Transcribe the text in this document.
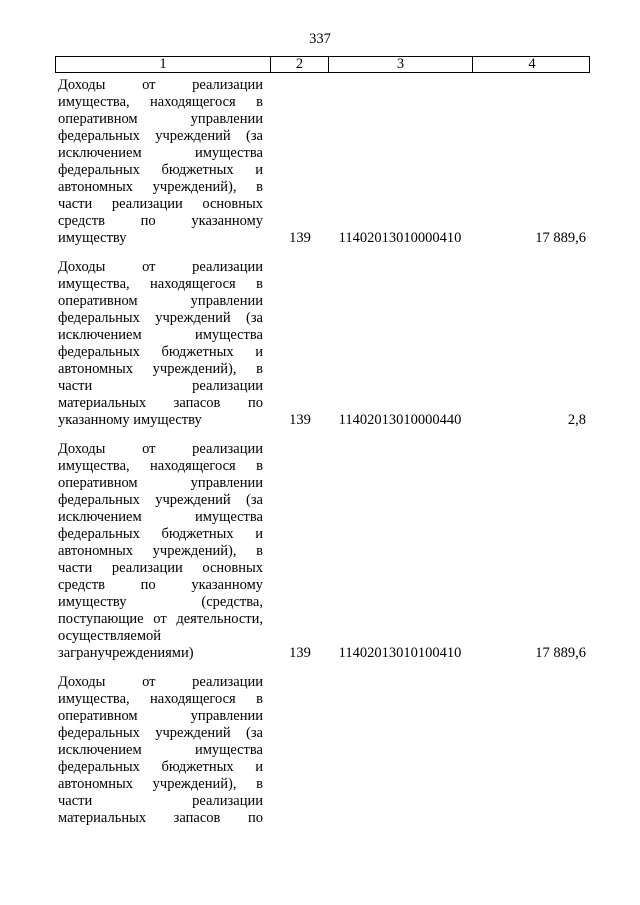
337
1	2	3	4
Доходы от реализации
имущества, находящегося в
оперативном управлении
федеральных учреждений (за
исключением имущества
федеральных бюджетных и
автономных учреждений), в
части реализации основных
средств по указанному
имуществу	139	11402013010000410	17 889,6
Доходы от реализации
имущества, находящегося в
оперативном управлении
федеральных учреждений (за
исключением имущества
федеральных бюджетных и
автономных учреждений), в
части реализации
материальных запасов по
указанному имуществу	139	11402013010000440	2,8
Доходы от реализации
имущества, находящегося в
оперативном управлении
федеральных учреждений (за
исключением имущества
федеральных бюджетных и
автономных учреждений), в
части реализации основных
средств по указанному
имуществу (средства,
поступающие от деятельности,
осуществляемой
загранучреждениями)	139	11402013010100410	17 889,6
Доходы от реализации
имущества, находящегося в
оперативном управлении
федеральных учреждений (за
исключением имущества
федеральных бюджетных и
автономных учреждений), в
части реализации
материальных запасов по
